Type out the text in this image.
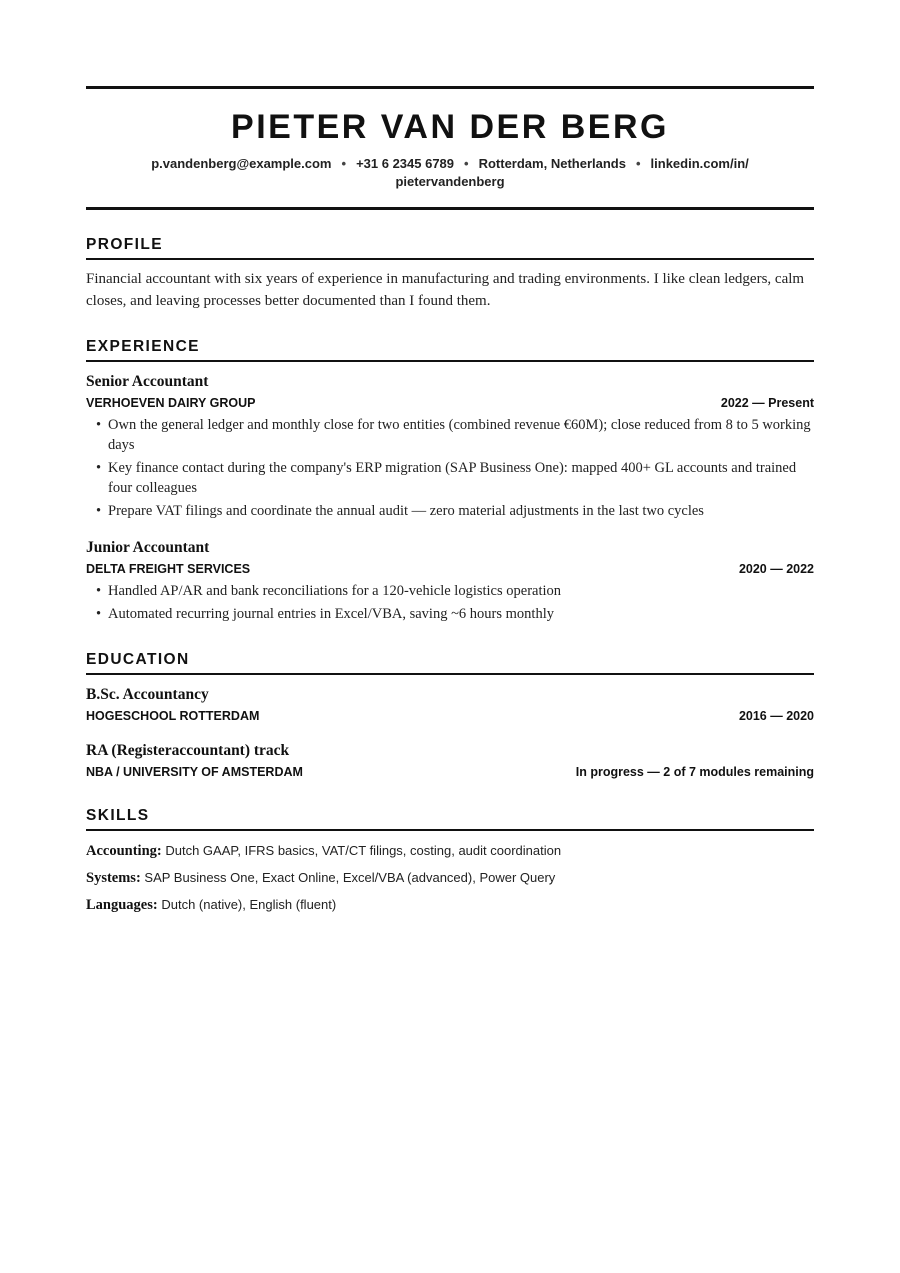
PIETER VAN DER BERG
p.vandenberg@example.com • +31 6 2345 6789 • Rotterdam, Netherlands • linkedin.com/in/ pietervandenberg
PROFILE

Financial accountant with six years of experience in manufacturing and trading environments. I like clean ledgers, calm closes, and leaving processes better documented than I found them.

EXPERIENCE
Senior Accountant
VERHOEVEN DAIRY GROUP	2022 — Present
• Own the general ledger and monthly close for two entities (combined revenue €60M); close reduced from 8 to 5 working days
• Key finance contact during the company's ERP migration (SAP Business One): mapped 400+ GL accounts and trained four colleagues
• Prepare VAT filings and coordinate the annual audit — zero material adjustments in the last two cycles
Junior Accountant
DELTA FREIGHT SERVICES	2020 — 2022
• Handled AP/AR and bank reconciliations for a 120-vehicle logistics operation
• Automated recurring journal entries in Excel/VBA, saving ~6 hours monthly
EDUCATION
B.Sc. Accountancy
HOGESCHOOL ROTTERDAM	2016 — 2020
RA (Registeraccountant) track
NBA / UNIVERSITY OF AMSTERDAM	In progress — 2 of 7 modules remaining
SKILLS

Accounting: Dutch GAAP, IFRS basics, VAT/CT filings, costing, audit coordination

Systems: SAP Business One, Exact Online, Excel/VBA (advanced), Power Query

Languages: Dutch (native), English (fluent)
